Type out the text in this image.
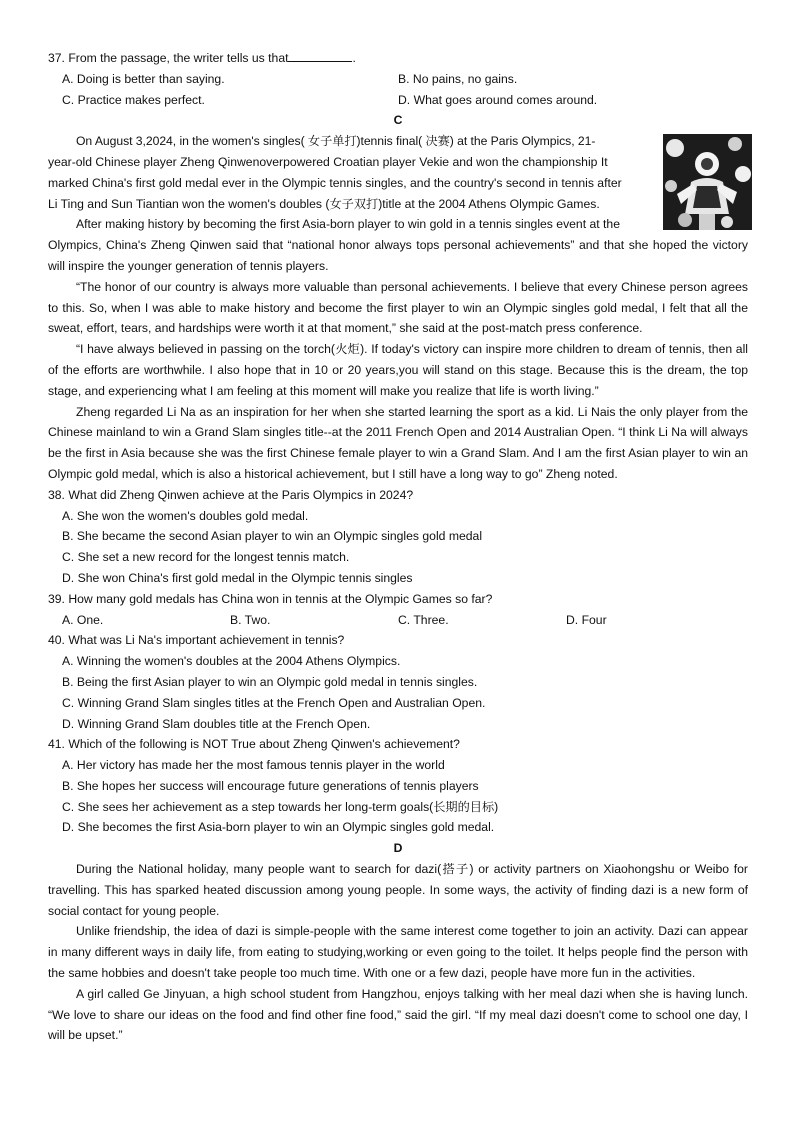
37. From the passage, the writer tells us that	.
A. Doing is better than saying.	B. No pains, no gains.
C. Practice makes perfect.	D. What goes around comes around.
C
On August 3,2024, in the women's singles( 女子单打)tennis final( 决赛) at the Paris Olympics, 21-
year-old Chinese player Zheng Qinwenoverpowered Croatian player Vekie and won the championship It
marked China's first gold medal ever in the Olympic tennis singles, and the country's second in tennis after
Li Ting and Sun Tiantian won the women's doubles (女子双打)title at the 2004 Athens Olympic Games.
After making history by becoming the first Asia-born player to win gold in a tennis singles event at the

Olympics, China's Zheng Qinwen said that “national honor always tops personal achievements” and that she hoped the victory will inspire the younger generation of tennis players.

“The honor of our country is always more valuable than personal achievements. I believe that every Chinese person agrees to this. So, when I was able to make history and become the first player to win an Olympic singles gold medal, I felt that all the sweat, effort, tears, and hardships were worth it at that moment,” she said at the post-match press conference.

“I have always believed in passing on the torch(火炬). If today's victory can inspire more children to dream of tennis, then all of the efforts are worthwhile. I also hope that in 10 or 20 years,you will stand on this stage. Because this is the dream, the top stage, and experiencing what I am feeling at this moment will make you realize that life is worth living.”

Zheng regarded Li Na as an inspiration for her when she started learning the sport as a kid. Li Nais the only player from the Chinese mainland to win a Grand Slam singles title--at the 2011 French Open and 2014 Australian Open. “I think Li Na will always be the first in Asia because she was the first Chinese female player to win a Grand Slam. And I am the first Asian player to win an Olympic gold medal, which is also a historical achievement, but I still have a long way to go” Zheng noted.

38. What did Zheng Qinwen achieve at the Paris Olympics in 2024?
A. She won the women's doubles gold medal.
B. She became the second Asian player to win an Olympic singles gold medal
C. She set a new record for the longest tennis match.
D. She won China's first gold medal in the Olympic tennis singles
39. How many gold medals has China won in tennis at the Olympic Games so far?
A. One.	B. Two.	C. Three.	D. Four
40. What was Li Na's important achievement in tennis?
A. Winning the women's doubles at the 2004 Athens Olympics.
B. Being the first Asian player to win an Olympic gold medal in tennis singles.
C. Winning Grand Slam singles titles at the French Open and Australian Open.
D. Winning Grand Slam doubles title at the French Open.
41. Which of the following is NOT True about Zheng Qinwen's achievement?
A. Her victory has made her the most famous tennis player in the world
B. She hopes her success will encourage future generations of tennis players
C. She sees her achievement as a step towards her long-term goals(长期的目标)
D. She becomes the first Asia-born player to win an Olympic singles gold medal.
D

During the National holiday, many people want to search for dazi(搭子) or activity partners on Xiaohongshu or Weibo for travelling. This has sparked heated discussion among young people. In some ways, the activity of finding dazi is a new form of social contact for young people.

Unlike friendship, the idea of dazi is simple-people with the same interest come together to join an activity. Dazi can appear in many different ways in daily life, from eating to studying,working or even going to the toilet. It helps people find the person with the same hobbies and doesn't take people too much time. With one or a few dazi, people have more fun in the activities.

A girl called Ge Jinyuan, a high school student from Hangzhou, enjoys talking with her meal dazi when she is having lunch. “We love to share our ideas on the food and find other fine food,” said the girl. “If my meal dazi doesn't come to school one day, I will be upset.”
